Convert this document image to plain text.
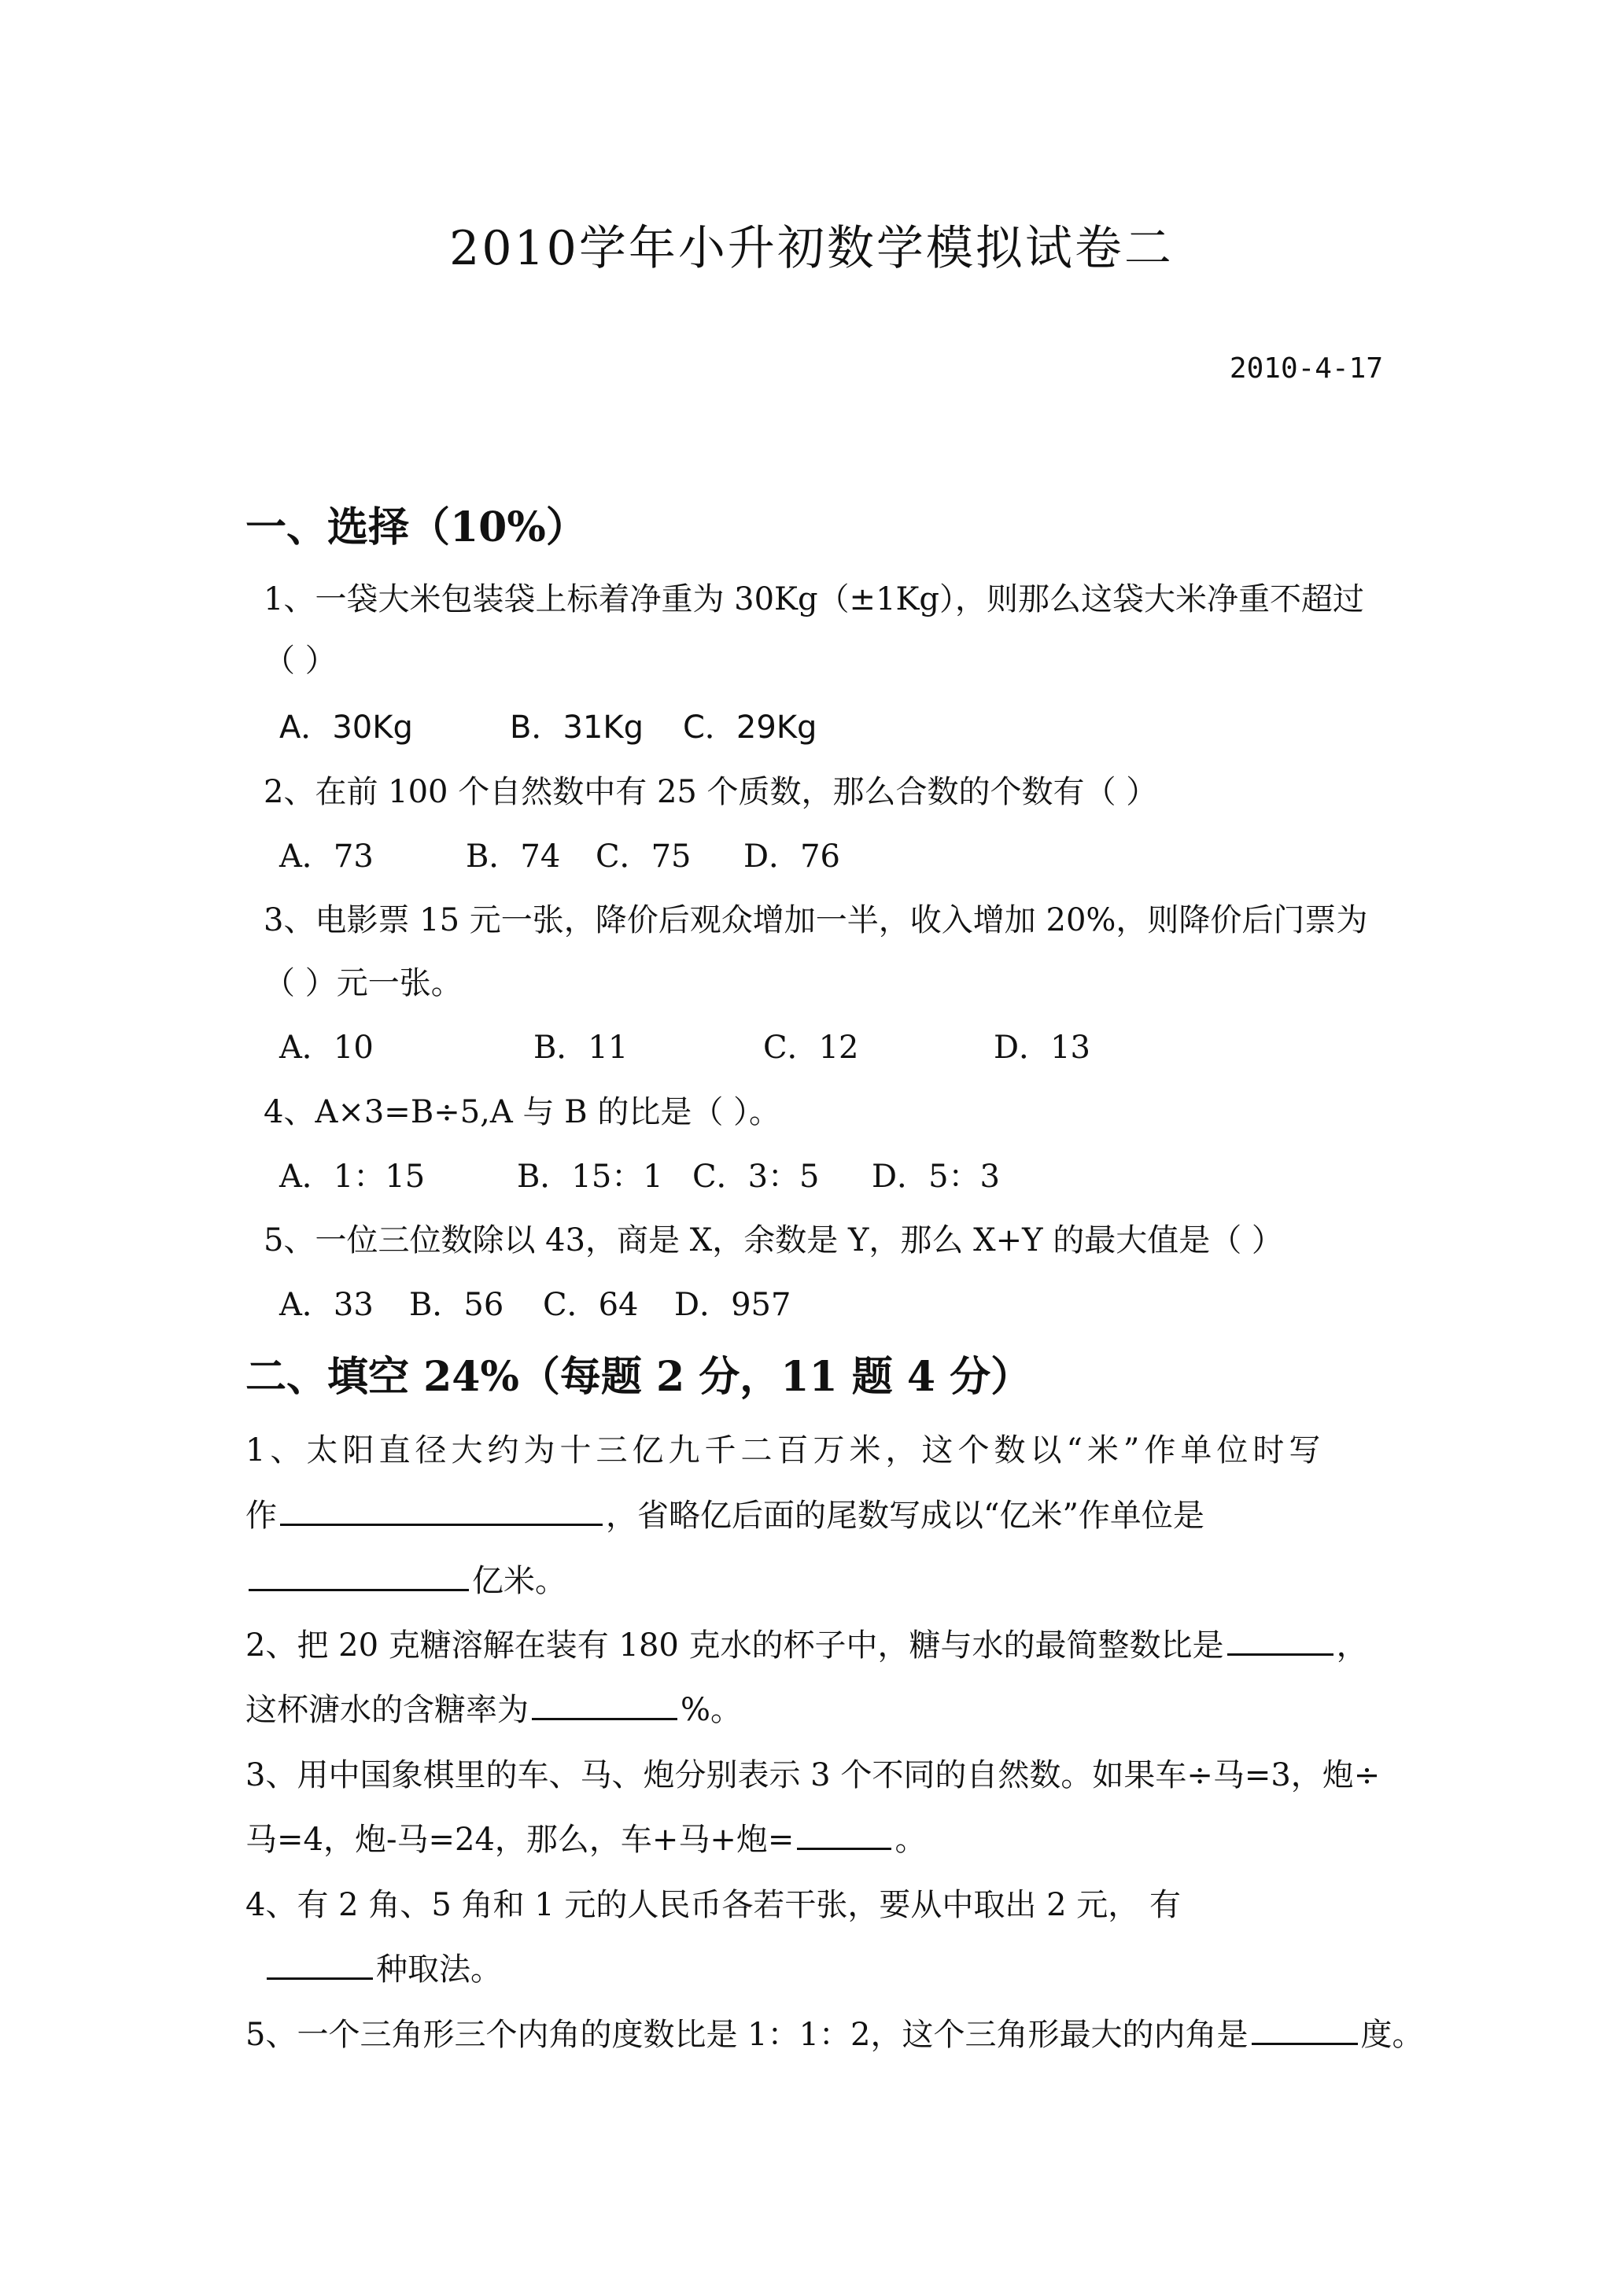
2010学年小升初数学模拟试卷二
2010-4-17
一、选择（10%）
1、一袋大米包装袋上标着净重为 30Kg（±1Kg），则那么这袋大米净重不超过
（ ）
A．30Kg	B．31Kg C．29Kg
2、在前 100 个自然数中有 25 个质数，那么合数的个数有（ ）
A．73	B．74 C．75 D．76
3、电影票 15 元一张，降价后观众增加一半，收入增加 20%，则降价后门票为
（ ）元一张。
A．10	B．11	C．12	D．13
4、A×3=B÷5,A 与 B 的比是（ ）。
A．1：15	B．15：1 C．3：5 D．5：3
5、一位三位数除以 43，商是 X，余数是 Y，那么 X+Y 的最大值是（ ）
A．33 B．56 C．64 D．957
二、填空 24%（每题 2 分，11 题 4 分）
1、太阳直径大约为十三亿九千二百万米，这个数以“米”作单位时写
作	，省略亿后面的尾数写成以“亿米”作单位是
亿米。
2、把 20 克糖溶解在装有 180 克水的杯子中，糖与水的最简整数比是	，
这杯溏水的含糖率为	%。
3、用中国象棋里的车、马、炮分别表示 3 个不同的自然数。如果车÷马=3，炮÷
马=4，炮-马=24，那么，车+马+炮=	。
4、有 2 角、5 角和 1 元的人民币各若干张，要从中取出 2 元， 有
种取法。
5、一个三角形三个内角的度数比是 1：1：2，这个三角形最大的内角是	度。
